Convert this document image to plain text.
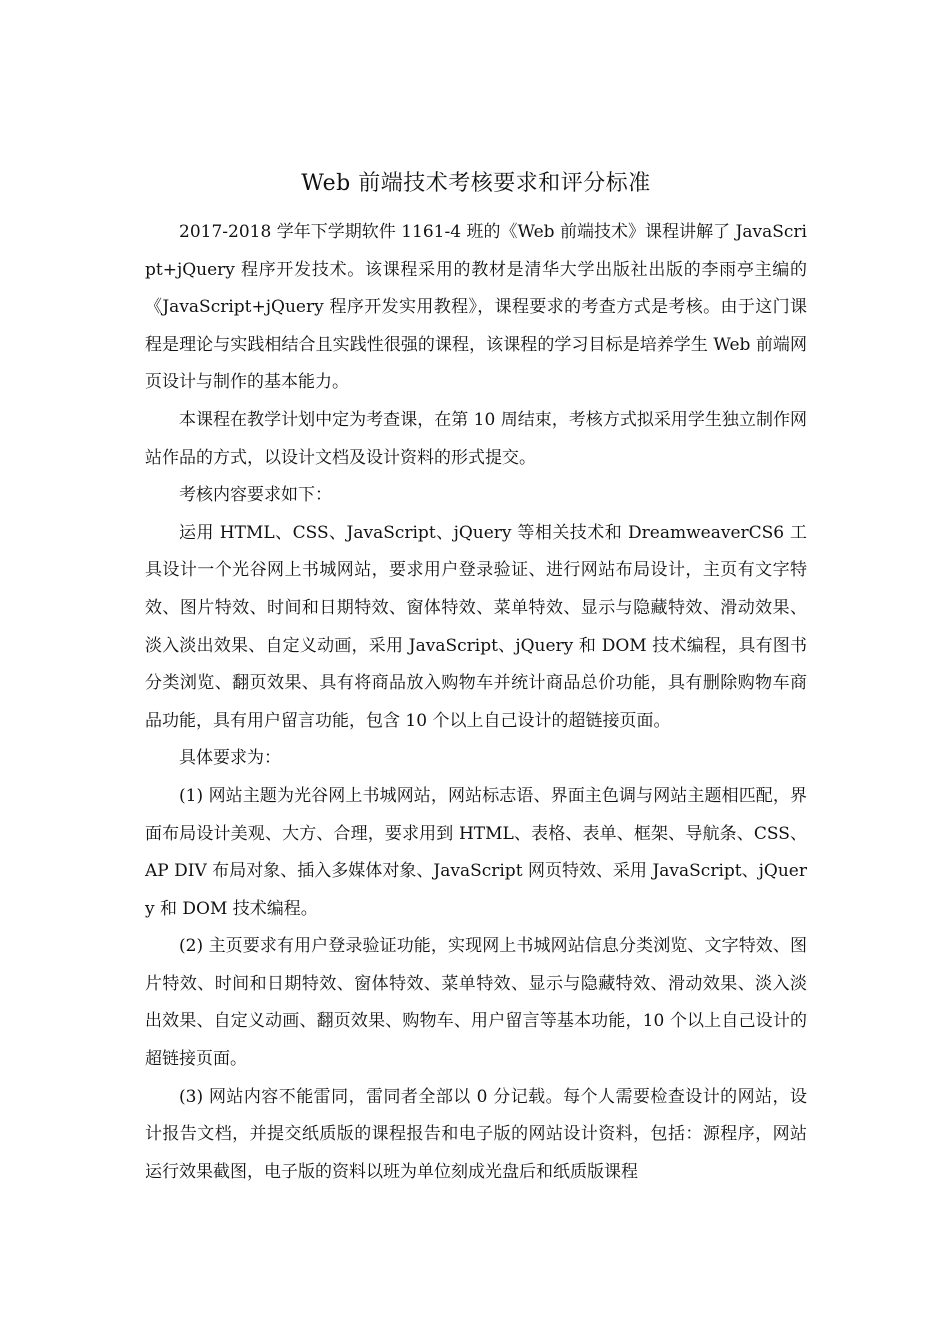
Web 前端技术考核要求和评分标准

2017-2018 学年下学期软件 1161-4 班的《Web 前端技术》课程讲解了 JavaScript+jQuery 程序开发技术。该课程采用的教材是清华大学出版社出版的李雨亭主编的《JavaScript+jQuery 程序开发实用教程》，课程要求的考查方式是考核。由于这门课程是理论与实践相结合且实践性很强的课程，该课程的学习目标是培养学生 Web 前端网页设计与制作的基本能力。

本课程在教学计划中定为考查课，在第 10 周结束，考核方式拟采用学生独立制作网站作品的方式，以设计文档及设计资料的形式提交。

考核内容要求如下：

运用 HTML、CSS、JavaScript、jQuery 等相关技术和 DreamweaverCS6 工具设计一个光谷网上书城网站，要求用户登录验证、进行网站布局设计，主页有文字特效、图片特效、时间和日期特效、窗体特效、菜单特效、显示与隐藏特效、滑动效果、淡入淡出效果、自定义动画，采用 JavaScript、jQuery 和 DOM 技术编程，具有图书分类浏览、翻页效果、具有将商品放入购物车并统计商品总价功能，具有删除购物车商品功能，具有用户留言功能，包含 10 个以上自己设计的超链接页面。

具体要求为：

(1) 网站主题为光谷网上书城网站，网站标志语、界面主色调与网站主题相匹配，界面布局设计美观、大方、合理，要求用到 HTML、表格、表单、框架、导航条、CSS、AP DIV 布局对象、插入多媒体对象、JavaScript 网页特效、采用 JavaScript、jQuery 和 DOM 技术编程。

(2) 主页要求有用户登录验证功能，实现网上书城网站信息分类浏览、文字特效、图片特效、时间和日期特效、窗体特效、菜单特效、显示与隐藏特效、滑动效果、淡入淡出效果、自定义动画、翻页效果、购物车、用户留言等基本功能，10 个以上自己设计的超链接页面。

(3) 网站内容不能雷同，雷同者全部以 0 分记载。每个人需要检查设计的网站，设计报告文档，并提交纸质版的课程报告和电子版的网站设计资料，包括：源程序，网站运行效果截图，电子版的资料以班为单位刻成光盘后和纸质版课程
